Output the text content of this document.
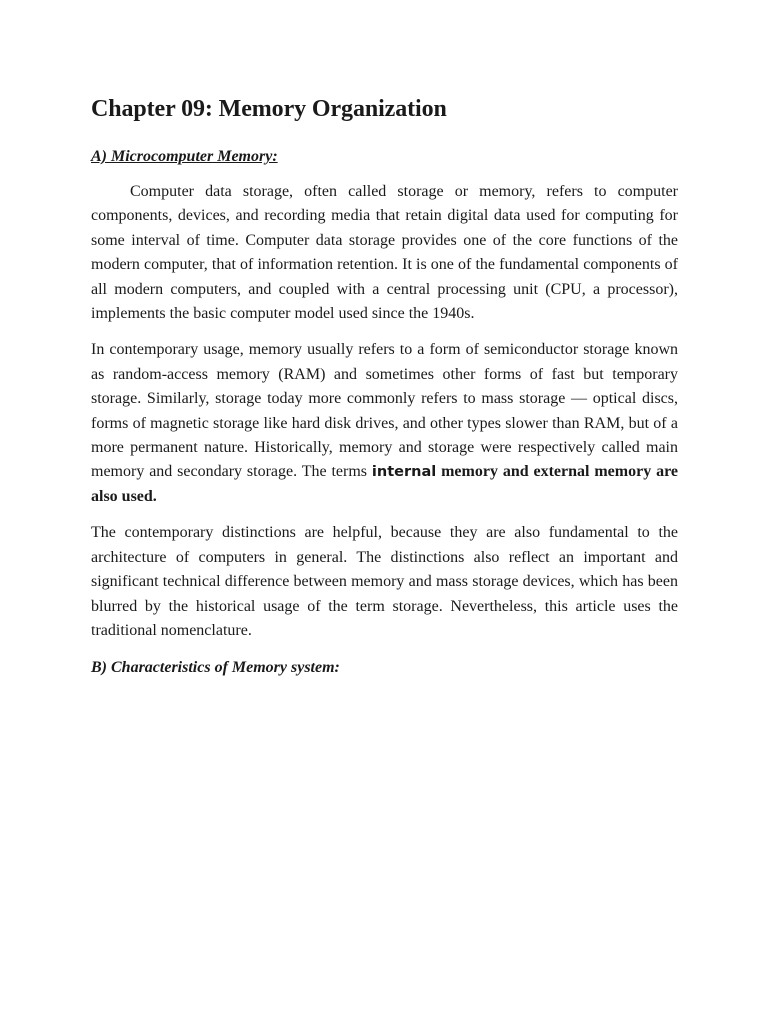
Chapter 09: Memory Organization
A) Microcomputer Memory:

Computer data storage, often called storage or memory, refers to computer components, devices, and recording media that retain digital data used for computing for some interval of time. Computer data storage provides one of the core functions of the modern computer, that of information retention. It is one of the fundamental components of all modern computers, and coupled with a central processing unit (CPU, a processor), implements the basic computer model used since the 1940s.

In contemporary usage, memory usually refers to a form of semiconductor storage known as random-access memory (RAM) and sometimes other forms of fast but temporary storage. Similarly, storage today more commonly refers to mass storage — optical discs, forms of magnetic storage like hard disk drives, and other types slower than RAM, but of a more permanent nature. Historically, memory and storage were respectively called main memory and secondary storage. The terms internal memory and external memory are also used.

The contemporary distinctions are helpful, because they are also fundamental to the architecture of computers in general. The distinctions also reflect an important and significant technical difference between memory and mass storage devices, which has been blurred by the historical usage of the term storage. Nevertheless, this article uses the traditional nomenclature.

B) Characteristics of Memory system:
